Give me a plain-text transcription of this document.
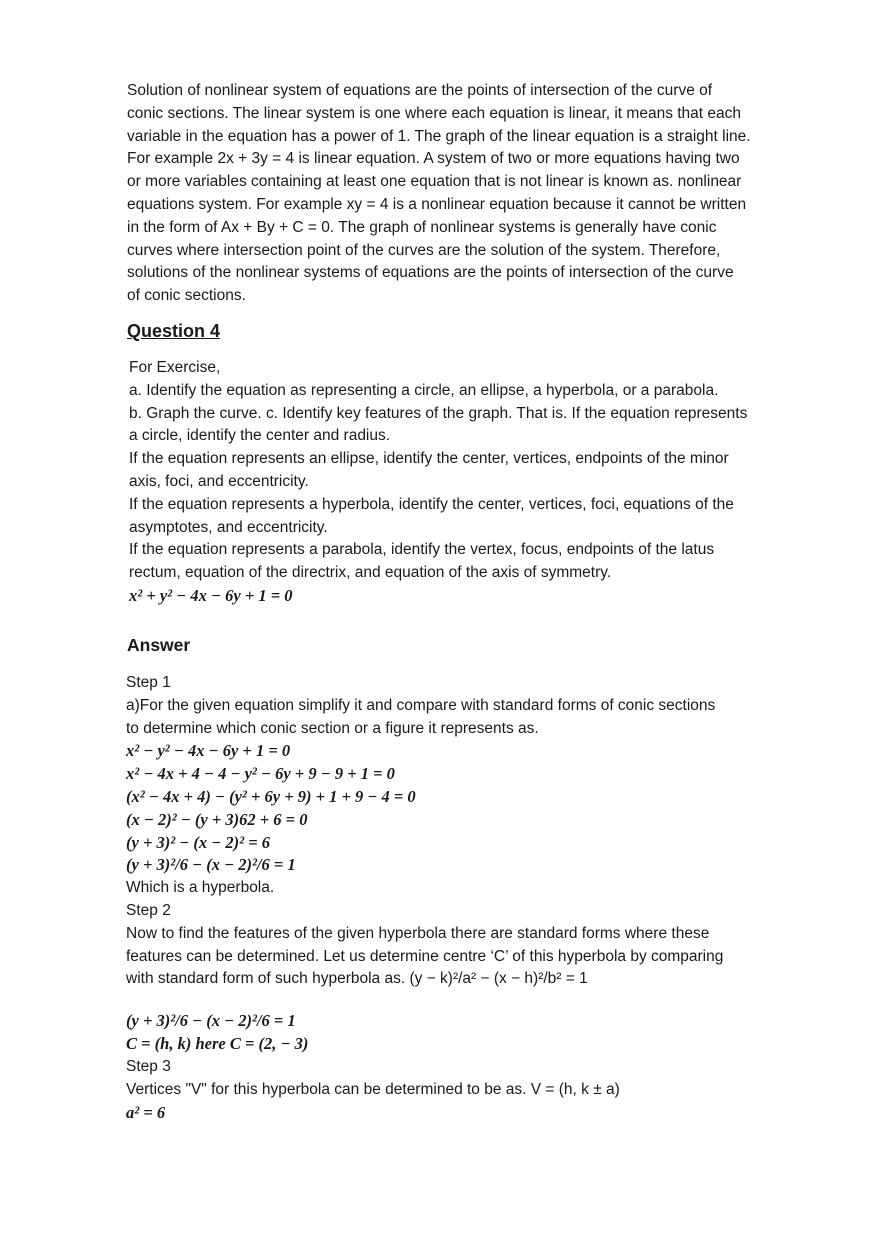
Solution of nonlinear system of equations are the points of intersection of the curve of
conic sections. The linear system is one where each equation is linear, it means that each
variable in the equation has a power of 1. The graph of the linear equation is a straight line.
For example 2x + 3y = 4 is linear equation. A system of two or more equations having two
or more variables containing at least one equation that is not linear is known as. nonlinear
equations system. For example xy = 4 is a nonlinear equation because it cannot be written
in the form of Ax + By + C = 0. The graph of nonlinear systems is generally have conic
curves where intersection point of the curves are the solution of the system. Therefore,
solutions of the nonlinear systems of equations are the points of intersection of the curve
of conic sections.
Question 4
For Exercise,
a. Identify the equation as representing a circle, an ellipse, a hyperbola, or a parabola.
b. Graph the curve. c. Identify key features of the graph. That is. If the equation represents
a circle, identify the center and radius.
If the equation represents an ellipse, identify the center, vertices, endpoints of the minor
axis, foci, and eccentricity.
If the equation represents a hyperbola, identify the center, vertices, foci, equations of the
asymptotes, and eccentricity.
If the equation represents a parabola, identify the vertex, focus, endpoints of the latus
rectum, equation of the directrix, and equation of the axis of symmetry.
x² + y² − 4x − 6y + 1 = 0
Answer
Step 1
a)For the given equation simplify it and compare with standard forms of conic sections
to determine which conic section or a figure it represents as.
x² − y² − 4x − 6y + 1 = 0
x² − 4x + 4 − 4 − y² − 6y + 9 − 9 + 1 = 0
(x² − 4x + 4) − (y² + 6y + 9) + 1 + 9 − 4 = 0
(x − 2)² − (y + 3)62 + 6 = 0
(y + 3)² − (x − 2)² = 6
(y + 3)²/6 − (x − 2)²/6 = 1
Which is a hyperbola.
Step 2
Now to find the features of the given hyperbola there are standard forms where these
features can be determined. Let us determine centre ‘C’ of this hyperbola by comparing
with standard form of such hyperbola as. (y − k)²/a² − (x − h)²/b² = 1
(y + 3)²/6 − (x − 2)²/6 = 1
C = (h, k) here C = (2, − 3)
Step 3
Vertices "V" for this hyperbola can be determined to be as. V = (h, k ± a)
a² = 6
